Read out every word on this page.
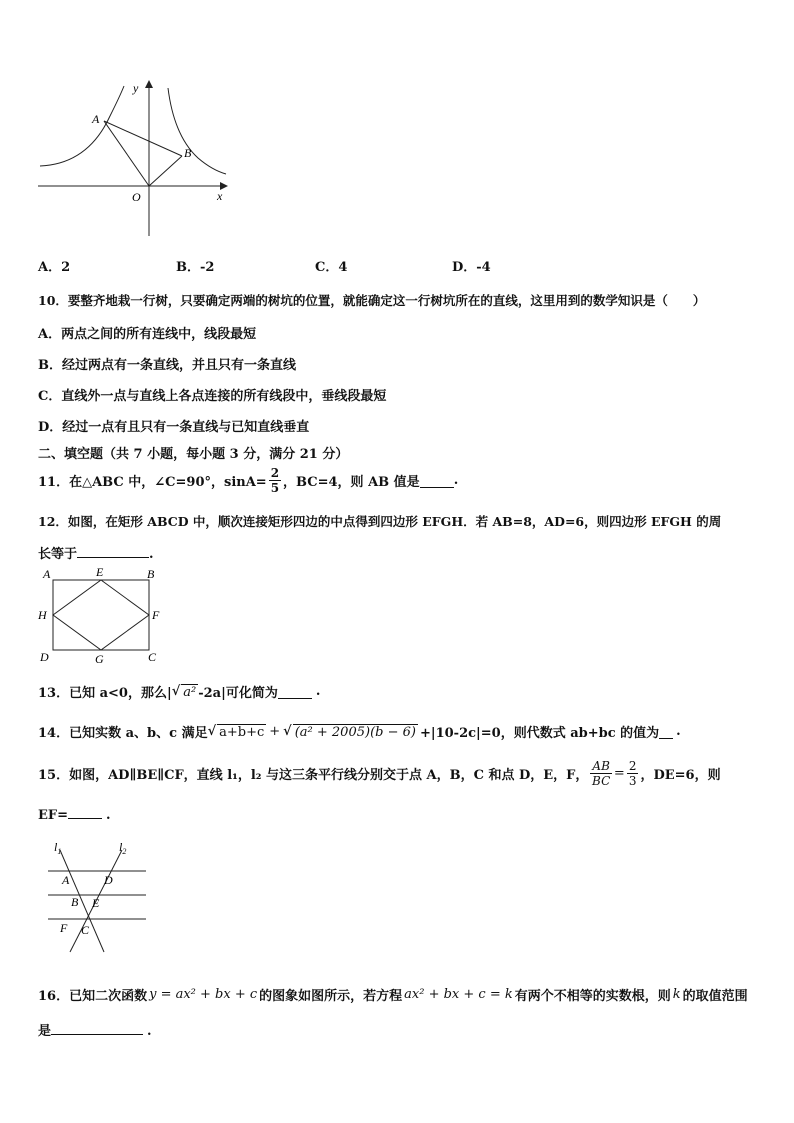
A
B
O	x
y
A．2	B．-2	C．4	D．-4
10．要整齐地栽一行树，只要确定两端的树坑的位置，就能确定这一行树坑所在的直线，这里用到的数学知识是（　　）
A．两点之间的所有连线中，线段最短
B．经过两点有一条直线，并且只有一条直线
C．直线外一点与直线上各点连接的所有线段中，垂线段最短
D．经过一点有且只有一条直线与已知直线垂直
二、填空题（共 7 小题，每小题 3 分，满分 21 分）
11．在△ABC 中，∠C=90°，$\sin A= \frac{2}{5}$ ，BC=4，则 AB 值是	.
12．如图，在矩形 ABCD 中，顺次连接矩形四边的中点得到四边形 EFGH．若 AB=8，AD=6，则四边形 EFGH 的周
长等于	.
A	E	B
H	F
D	G	C
13．已知 a<0，那么| √ a² -2a|可化简为	.
14．已知实数 a、b、c 满足 √ a+b+c + √ (a² + 2005)(b − 6) +|10-2c|=0，则代数式 ab+bc 的值为 .
15．如图，AD∥BE∥CF，直线 l₁，l₂ 与这三条平行线分别交于点 A，B，C 和点 D，E，F， $\frac{AB}{BC} = \frac{2}{3}$ ，DE=6，则
EF=	.
$l_1$	$l_2$
A	D
B E
F C
16．已知二次函数 y = ax² + bx + c 的图象如图所示，若方程 ax² + bx + c = k 有两个不相等的实数根，则 k 的取值范围
是	.
